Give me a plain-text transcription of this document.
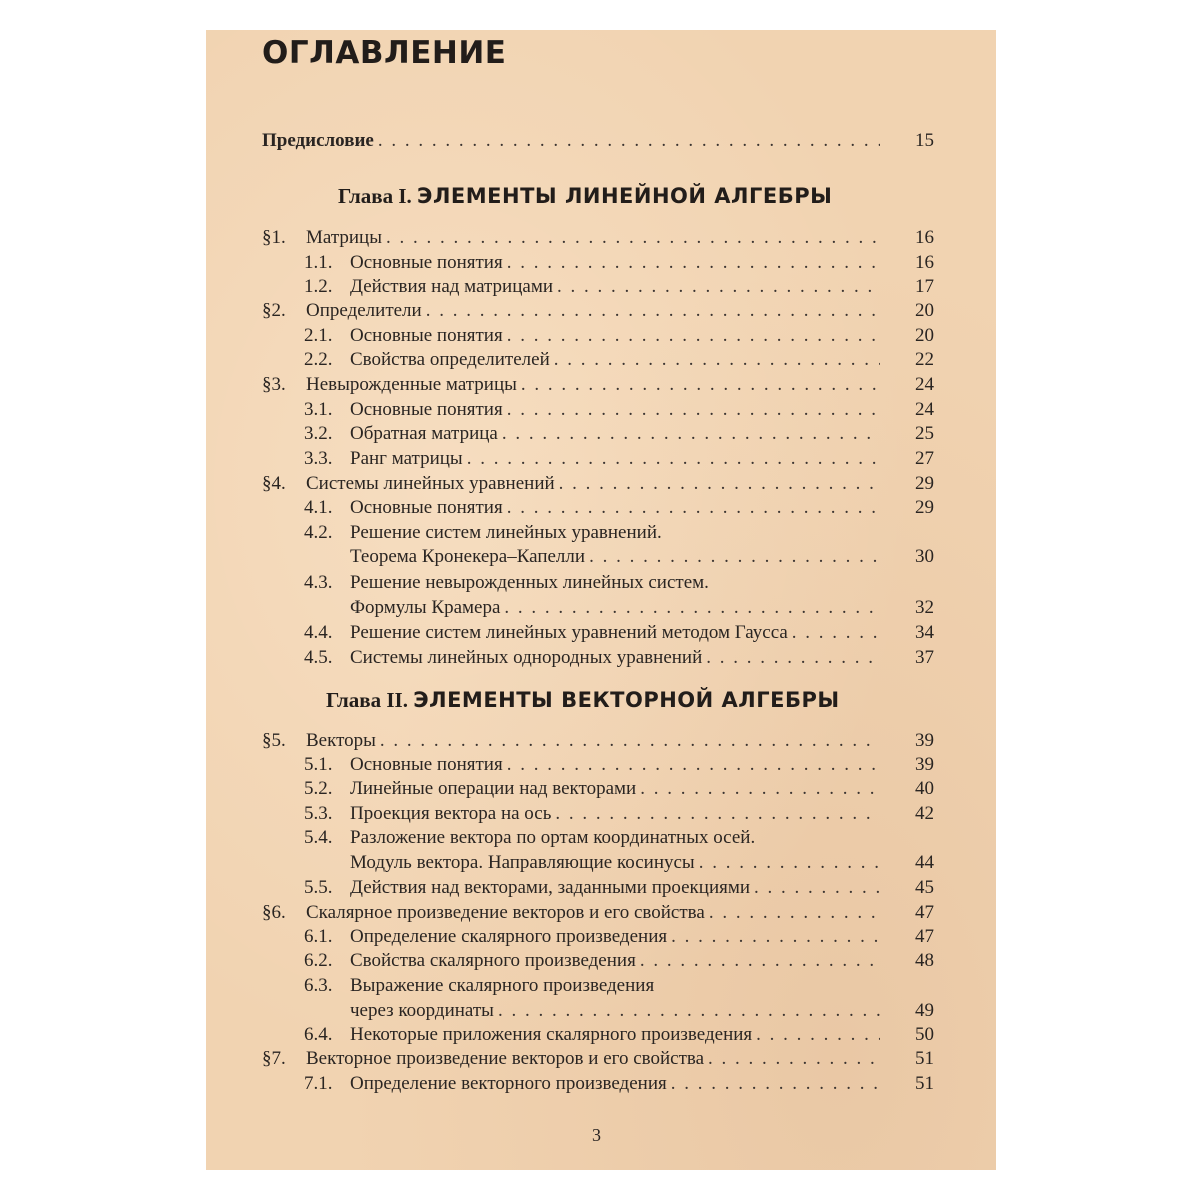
ОГЛАВЛЕНИЕ
Предисловие . . .	15
Глава I. ЭЛЕМЕНТЫ ЛИНЕЙНОЙ АЛГЕБРЫ
§1. Матрицы . . .	16
1.1. Основные понятия . . .	16
1.2. Действия над матрицами . . .	17
§2. Определители . . .	20
2.1. Основные понятия . . .	20
2.2. Свойства определителей . . .	22
§3. Невырожденные матрицы . . .	24
3.1. Основные понятия . . .	24
3.2. Обратная матрица . . .	25
3.3. Ранг матрицы . . .	27
§4. Системы линейных уравнений . . .	29
4.1. Основные понятия . . .	29
4.2. Решение систем линейных уравнений.
Теорема Кронекера–Капелли . . .	30
4.3. Решение невырожденных линейных систем.
Формулы Крамера . . .	32
4.4. Решение систем линейных уравнений методом Гаусса . . .	34
4.5. Системы линейных однородных уравнений . . .	37
Глава II. ЭЛЕМЕНТЫ ВЕКТОРНОЙ АЛГЕБРЫ
§5. Векторы . . .	39
5.1. Основные понятия . . .	39
5.2. Линейные операции над векторами . . .	40
5.3. Проекция вектора на ось . . .	42
5.4. Разложение вектора по ортам координатных осей.
Модуль вектора. Направляющие косинусы . . .	44
5.5. Действия над векторами, заданными проекциями . . .	45
§6. Скалярное произведение векторов и его свойства . . .	47
6.1. Определение скалярного произведения . . .	47
6.2. Свойства скалярного произведения . . .	48
6.3. Выражение скалярного произведения
через координаты . . .	49
6.4. Некоторые приложения скалярного произведения . . .	50
§7. Векторное произведение векторов и его свойства . . .	51
7.1. Определение векторного произведения . . .	51
3
